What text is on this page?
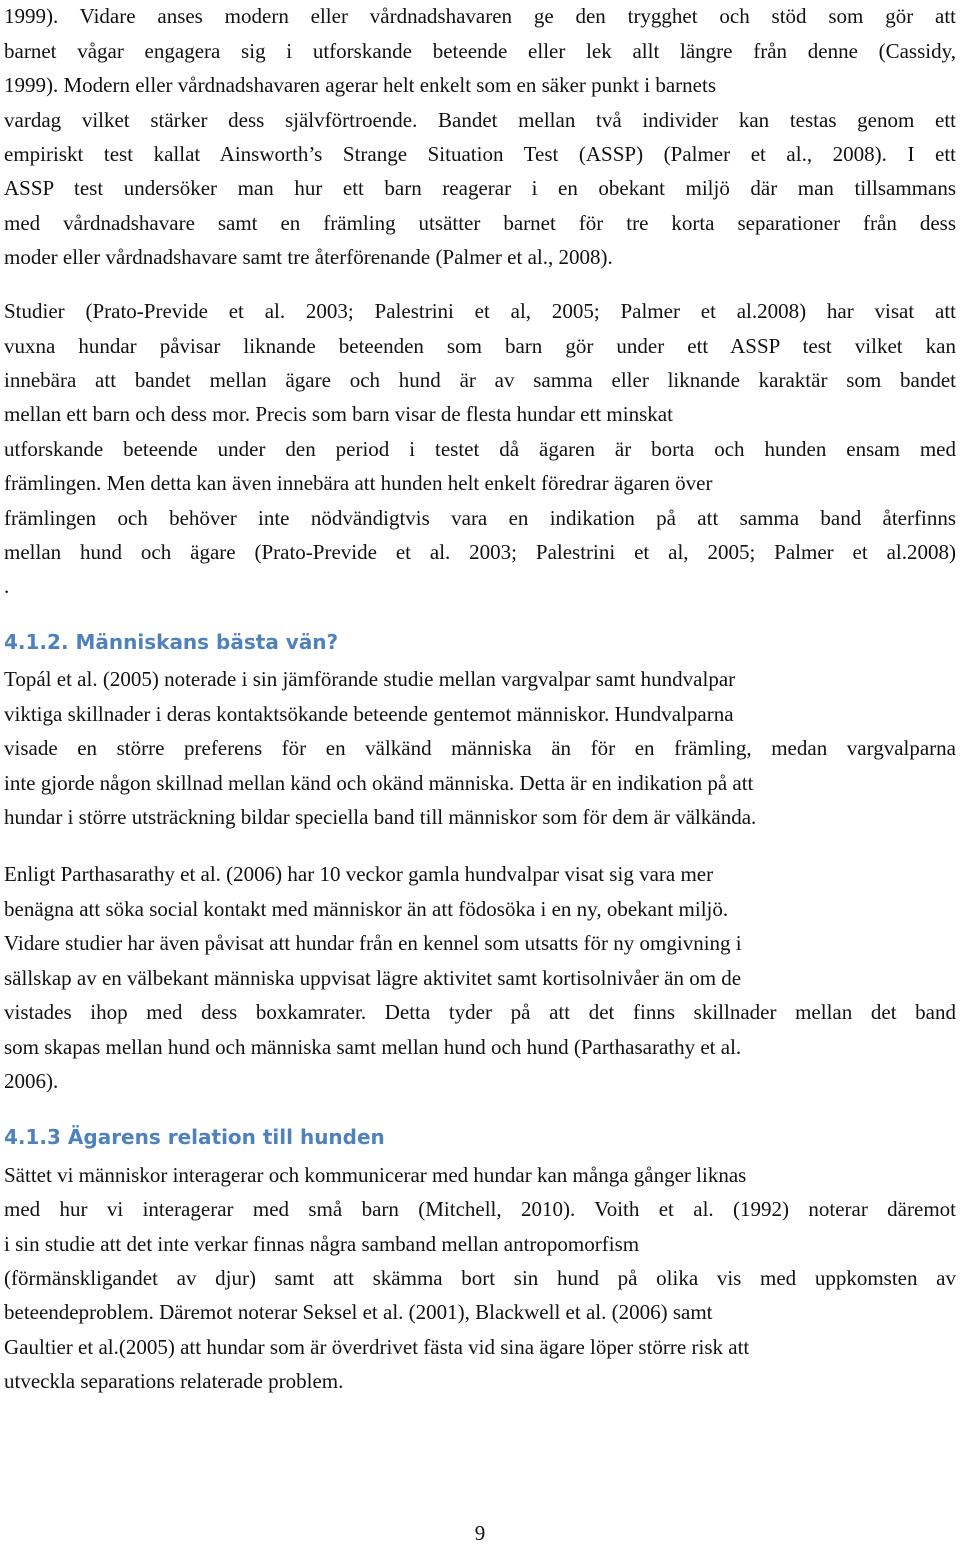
1999). Vidare anses modern eller vårdnadshavaren ge den trygghet och stöd som gör att
barnet vågar engagera sig i utforskande beteende eller lek allt längre från denne (Cassidy,
1999). Modern eller vårdnadshavaren agerar helt enkelt som en säker punkt i barnets
vardag vilket stärker dess självförtroende. Bandet mellan två individer kan testas genom ett
empiriskt test kallat Ainsworth’s Strange Situation Test (ASSP) (Palmer et al., 2008). I ett
ASSP test undersöker man hur ett barn reagerar i en obekant miljö där man tillsammans
med vårdnadshavare samt en främling utsätter barnet för tre korta separationer från dess
moder eller vårdnadshavare samt tre återförenande (Palmer et al., 2008).
Studier (Prato-Previde et al. 2003; Palestrini et al, 2005; Palmer et al.2008) har visat att
vuxna hundar påvisar liknande beteenden som barn gör under ett ASSP test vilket kan
innebära att bandet mellan ägare och hund är av samma eller liknande karaktär som bandet
mellan ett barn och dess mor. Precis som barn visar de flesta hundar ett minskat
utforskande beteende under den period i testet då ägaren är borta och hunden ensam med
främlingen. Men detta kan även innebära att hunden helt enkelt föredrar ägaren över
främlingen och behöver inte nödvändigtvis vara en indikation på att samma band återfinns
mellan hund och ägare (Prato-Previde et al. 2003; Palestrini et al, 2005; Palmer et al.2008)
.
4.1.2. Människans bästa vän?
Topál et al. (2005) noterade i sin jämförande studie mellan vargvalpar samt hundvalpar
viktiga skillnader i deras kontaktsökande beteende gentemot människor. Hundvalparna
visade en större preferens för en välkänd människa än för en främling, medan vargvalparna
inte gjorde någon skillnad mellan känd och okänd människa. Detta är en indikation på att
hundar i större utsträckning bildar speciella band till människor som för dem är välkända.
Enligt Parthasarathy et al. (2006) har 10 veckor gamla hundvalpar visat sig vara mer
benägna att söka social kontakt med människor än att födosöka i en ny, obekant miljö.
Vidare studier har även påvisat att hundar från en kennel som utsatts för ny omgivning i
sällskap av en välbekant människa uppvisat lägre aktivitet samt kortisolnivåer än om de
vistades ihop med dess boxkamrater. Detta tyder på att det finns skillnader mellan det band
som skapas mellan hund och människa samt mellan hund och hund (Parthasarathy et al.
2006).
4.1.3 Ägarens relation till hunden
Sättet vi människor interagerar och kommunicerar med hundar kan många gånger liknas
med hur vi interagerar med små barn (Mitchell, 2010). Voith et al. (1992) noterar däremot
i sin studie att det inte verkar finnas några samband mellan antropomorfism
(förmänskligandet av djur) samt att skämma bort sin hund på olika vis med uppkomsten av
beteendeproblem. Däremot noterar Seksel et al. (2001), Blackwell et al. (2006) samt
Gaultier et al.(2005) att hundar som är överdrivet fästa vid sina ägare löper större risk att
utveckla separations relaterade problem.
9
